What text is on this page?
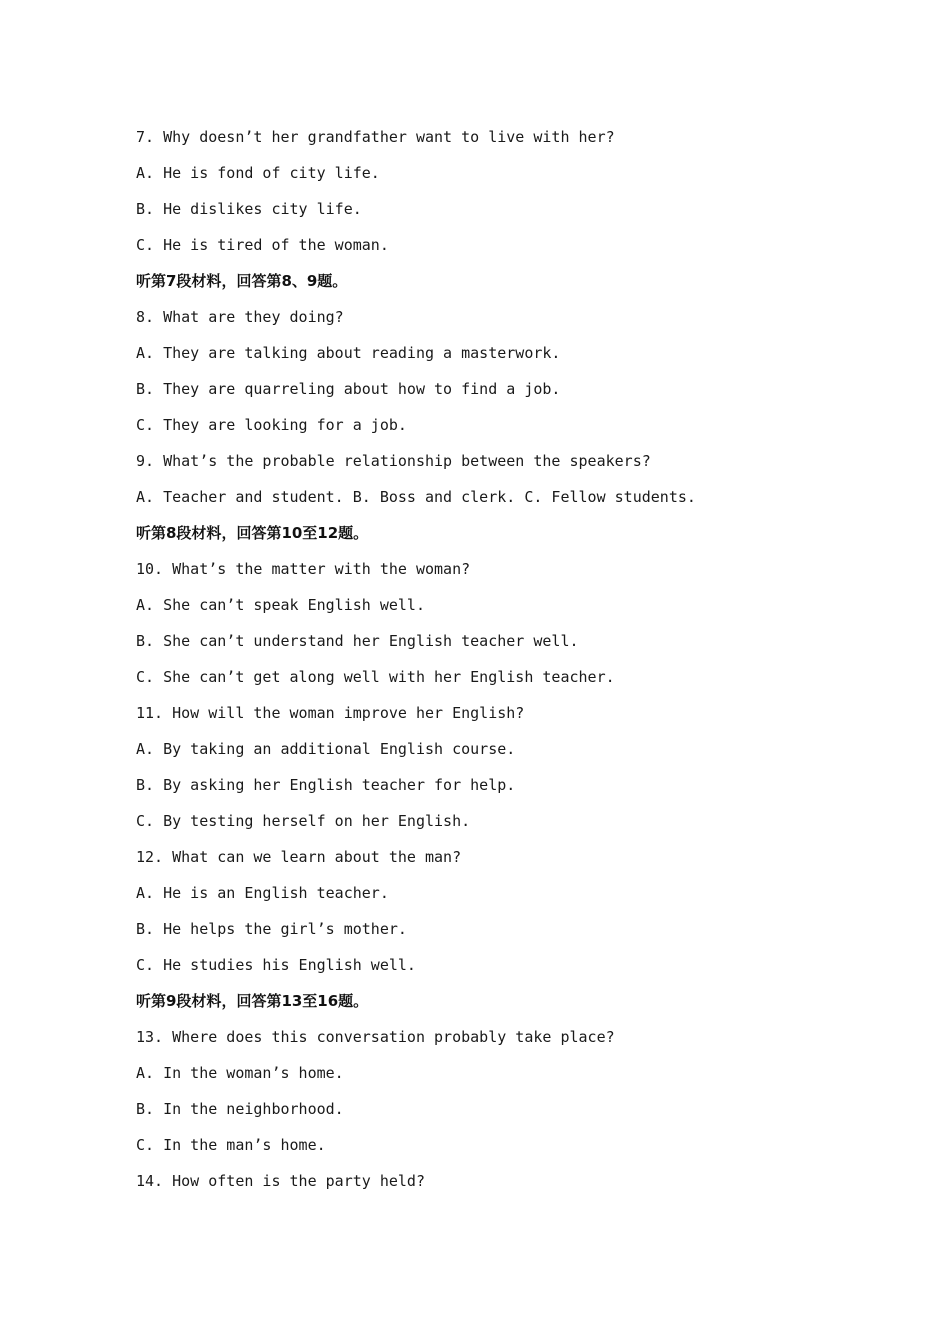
7. Why doesn’t her grandfather want to live with her?
A. He is fond of city life.
B. He dislikes city life.
C. He is tired of the woman.
听第7段材料，回答第8、9题。
8. What are they doing?
A. They are talking about reading a masterwork.
B. They are quarreling about how to find a job.
C. They are looking for a job.
9. What’s the probable relationship between the speakers?
A. Teacher and student. B. Boss and clerk. C. Fellow students.
听第8段材料，回答第10至12题。
10. What’s the matter with the woman?
A. She can’t speak English well.
B. She can’t understand her English teacher well.
C. She can’t get along well with her English teacher.
11. How will the woman improve her English?
A. By taking an additional English course.
B. By asking her English teacher for help.
C. By testing herself on her English.
12. What can we learn about the man?
A. He is an English teacher.
B. He helps the girl’s mother.
C. He studies his English well.
听第9段材料，回答第13至16题。
13. Where does this conversation probably take place?
A. In the woman’s home.
B. In the neighborhood.
C. In the man’s home.
14. How often is the party held?
